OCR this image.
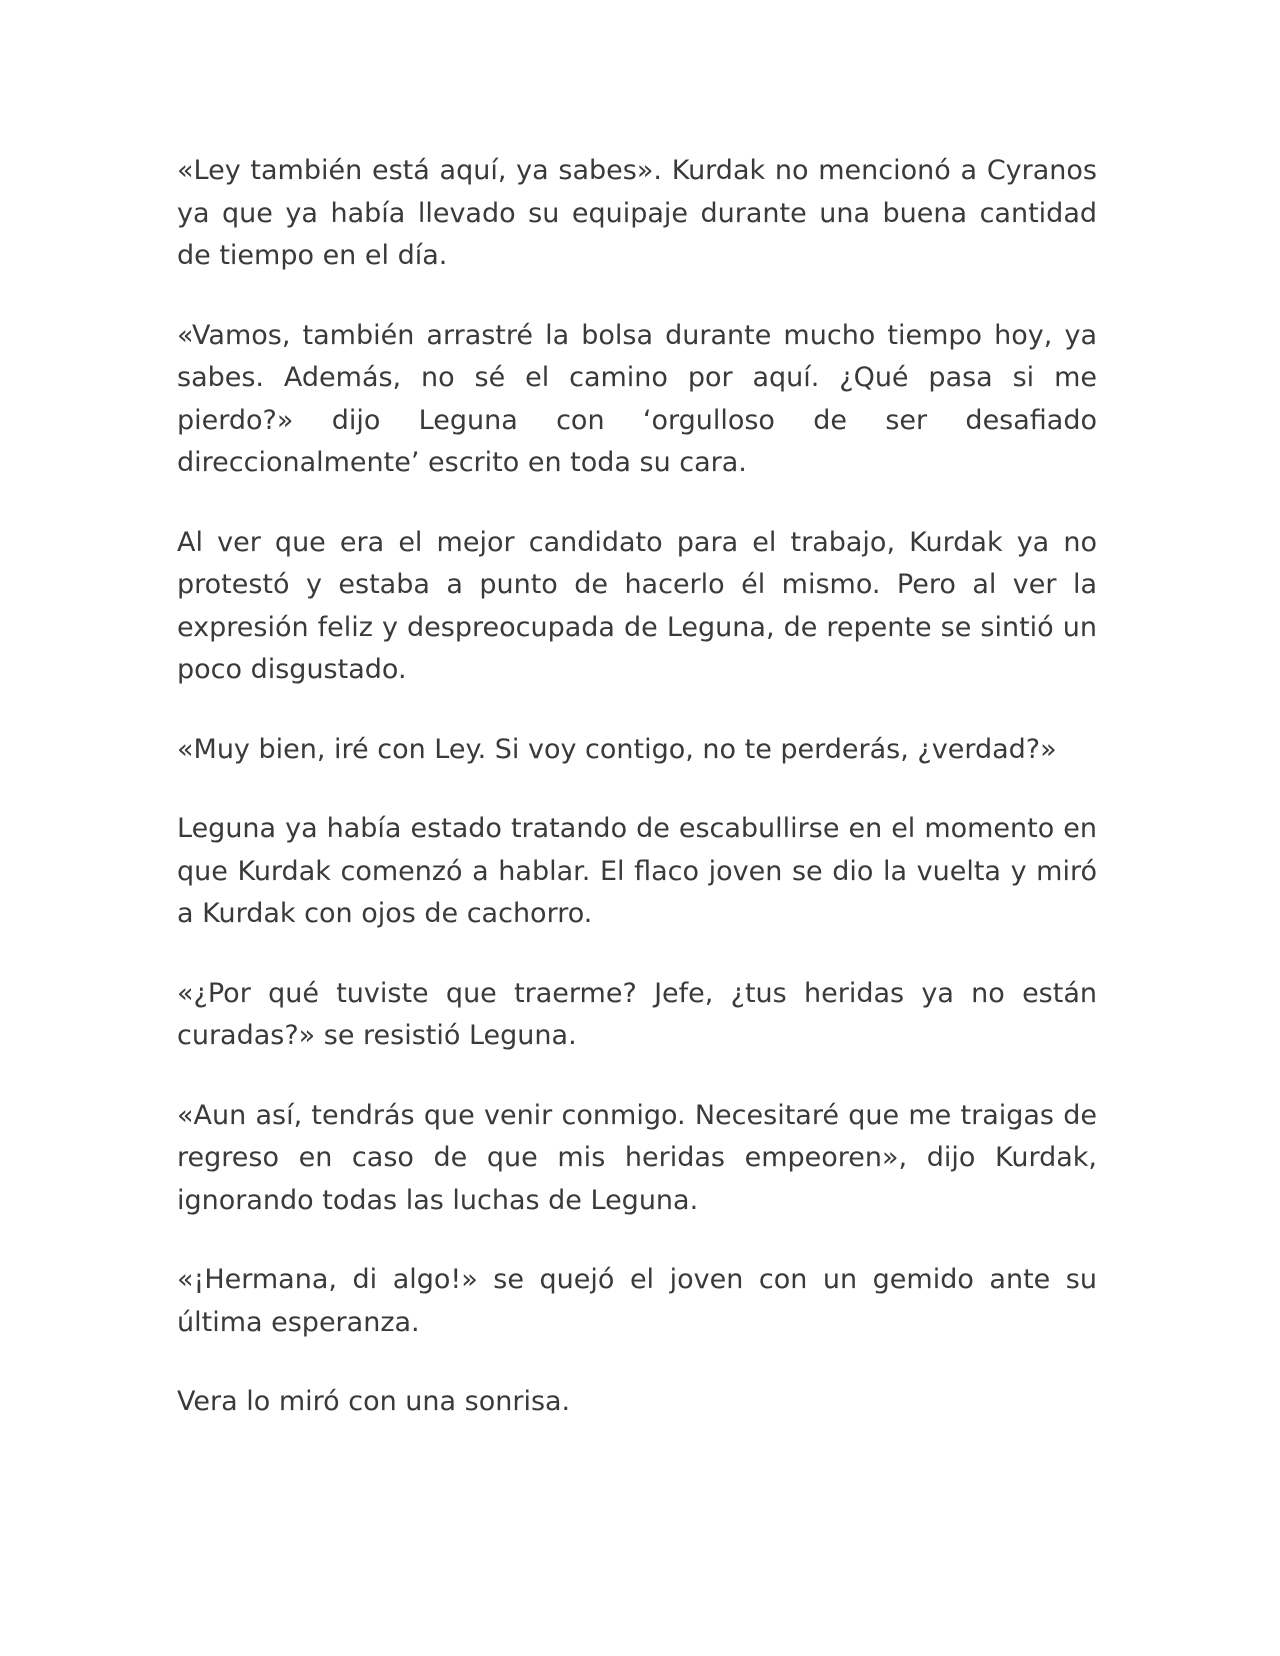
«Ley también está aquí, ya sabes». Kurdak no mencionó a Cyranos ya que ya había llevado su equipaje durante una buena cantidad de tiempo en el día.

«Vamos, también arrastré la bolsa durante mucho tiempo hoy, ya sabes. Además, no sé el camino por aquí. ¿Qué pasa si me pierdo?» dijo Leguna con ‘orgulloso de ser desafiado direccionalmente’ escrito en toda su cara.

Al ver que era el mejor candidato para el trabajo, Kurdak ya no protestó y estaba a punto de hacerlo él mismo. Pero al ver la expresión feliz y despreocupada de Leguna, de repente se sintió un poco disgustado.

«Muy bien, iré con Ley. Si voy contigo, no te perderás, ¿verdad?»

Leguna ya había estado tratando de escabullirse en el momento en que Kurdak comenzó a hablar. El flaco joven se dio la vuelta y miró a Kurdak con ojos de cachorro.

«¿Por qué tuviste que traerme? Jefe, ¿tus heridas ya no están curadas?» se resistió Leguna.

«Aun así, tendrás que venir conmigo. Necesitaré que me traigas de regreso en caso de que mis heridas empeoren», dijo Kurdak, ignorando todas las luchas de Leguna.

«¡Hermana, di algo!» se quejó el joven con un gemido ante su última esperanza.

Vera lo miró con una sonrisa.
